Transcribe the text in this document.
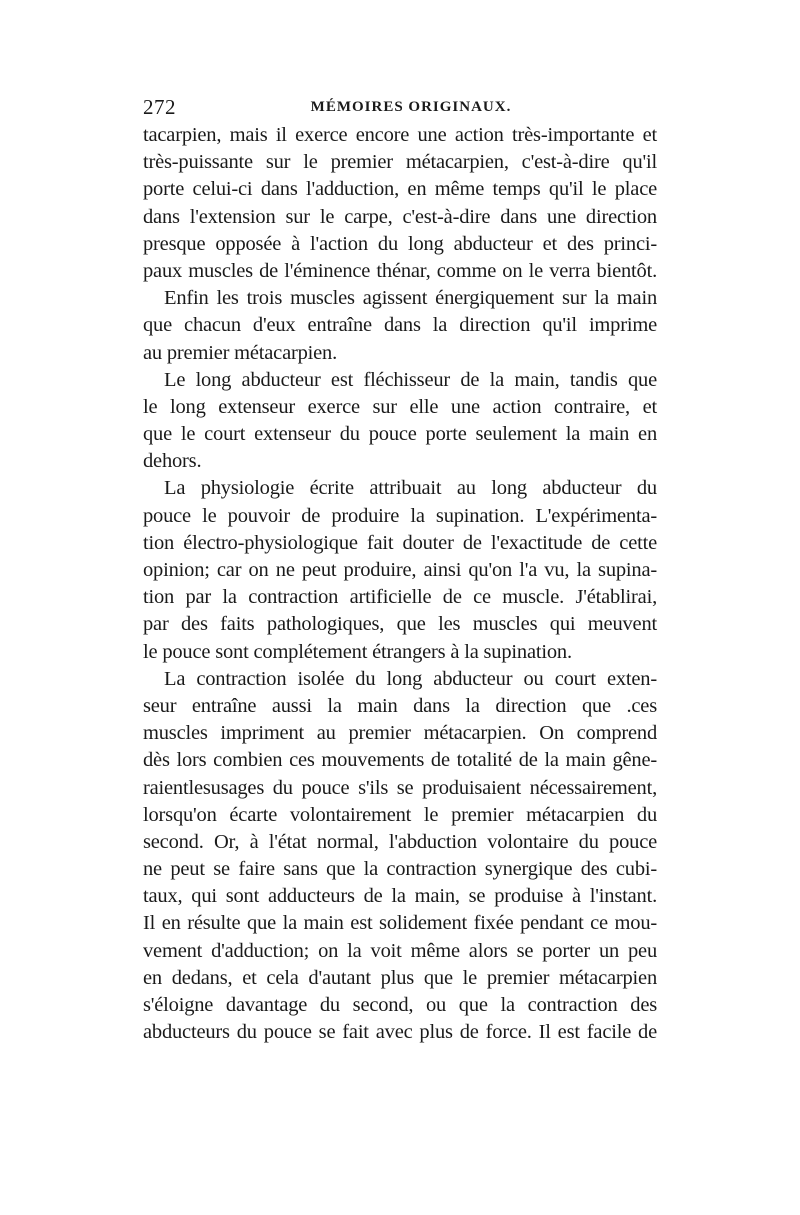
272	MÉMOIRES ORIGINAUX.
tacarpien, mais il exerce encore une action très-importante et
très-puissante sur le premier métacarpien, c'est-à-dire qu'il
porte celui-ci dans l'adduction, en même temps qu'il le place
dans l'extension sur le carpe, c'est-à-dire dans une direction
presque opposée à l'action du long abducteur et des princi-
paux muscles de l'éminence thénar, comme on le verra bientôt.
Enfin les trois muscles agissent énergiquement sur la main
que chacun d'eux entraîne dans la direction qu'il imprime
au premier métacarpien.
Le long abducteur est fléchisseur de la main, tandis que
le long extenseur exerce sur elle une action contraire, et
que le court extenseur du pouce porte seulement la main en
dehors.
La physiologie écrite attribuait au long abducteur du
pouce le pouvoir de produire la supination. L'expérimenta-
tion électro-physiologique fait douter de l'exactitude de cette
opinion; car on ne peut produire, ainsi qu'on l'a vu, la supina-
tion par la contraction artificielle de ce muscle. J'établirai,
par des faits pathologiques, que les muscles qui meuvent
le pouce sont complétement étrangers à la supination.
La contraction isolée du long abducteur ou court exten-
seur entraîne aussi la main dans la direction que .ces
muscles impriment au premier métacarpien. On comprend
dès lors combien ces mouvements de totalité de la main gêne-
raientlesusages du pouce s'ils se produisaient nécessairement,
lorsqu'on écarte volontairement le premier métacarpien du
second. Or, à l'état normal, l'abduction volontaire du pouce
ne peut se faire sans que la contraction synergique des cubi-
taux, qui sont adducteurs de la main, se produise à l'instant.
Il en résulte que la main est solidement fixée pendant ce mou-
vement d'adduction; on la voit même alors se porter un peu
en dedans, et cela d'autant plus que le premier métacarpien
s'éloigne davantage du second, ou que la contraction des
abducteurs du pouce se fait avec plus de force. Il est facile de
